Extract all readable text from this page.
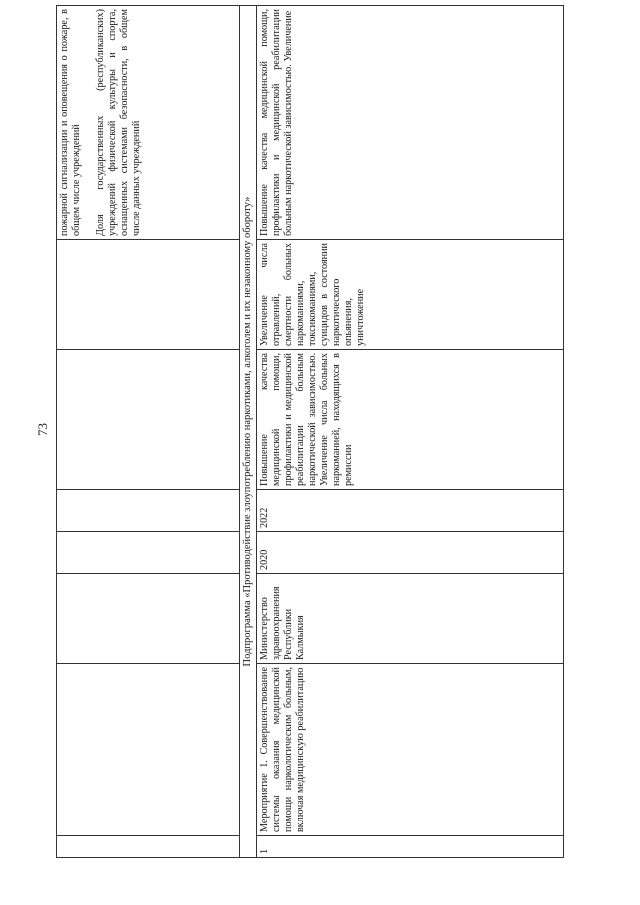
73

							пожарной сигнализации и оповещения о пожаре, в общем числе учреждений

Доля государственных (республиканских) учреждений физической культуры и спорта, оснащенных системами безопасности, в общем числе данных учреждений

Подпрограмма «Противодействие злоупотреблению наркотиками, алкоголем и их незаконному обороту»							
1	Мероприятие 1. Совершенствование системы оказания медицинской помощи наркологическим больным, включая медицинскую реабилитацию	Министерство здравоохранения Республики Калмыкия	2020	2022	Повышение качества медицинской помощи, профилактики и медицинской реабилитации больным наркотической зависимостью. Увеличение числа больных наркоманией, находящихся в ремиссии	Увеличение числа отравлений, смертности больных наркоманиями, токсикоманиями, суицидов в состоянии наркотического опьянения, уничтожение	Повышение качества медицинской помощи, профилактики и медицинской реабилитации больным наркотической зависимостью. Увеличение
